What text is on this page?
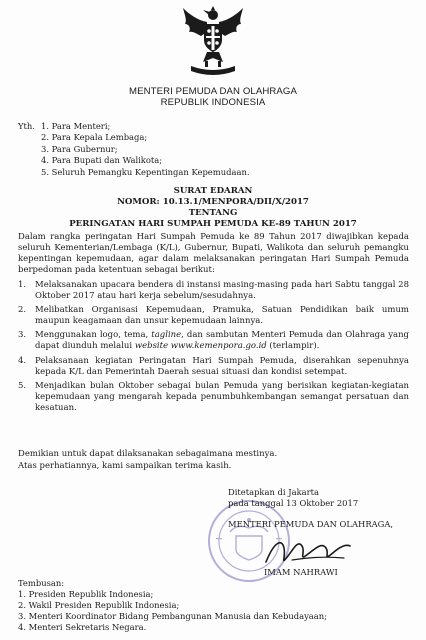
MENTERI PEMUDA DAN OLAHRAGA
REPUBLIK INDONESIA
Yth. 1. Para Menteri;
2. Para Kepala Lembaga;
3. Para Gubernur;
4. Para Bupati dan Walikota;
5. Seluruh Pemangku Kepentingan Kepemudaan.
SURAT EDARAN
NOMOR: 10.13.1/MENPORA/DII/X/2017
TENTANG
PERINGATAN HARI SUMPAH PEMUDA KE-89 TAHUN 2017

Dalam rangka peringatan Hari Sumpah Pemuda ke 89 Tahun 2017 diwajibkan kepada seluruh Kementerian/Lembaga (K/L), Gubernur, Bupati, Walikota dan seluruh pemangku kepentingan kepemudaan, agar dalam melaksanakan peringatan Hari Sumpah Pemuda berpedoman pada ketentuan sebagai berikut:

1. Melaksanakan upacara bendera di instansi masing-masing pada hari Sabtu tanggal 28 Oktober 2017 atau hari kerja sebelum/sesudahnya.
2. Melibatkan Organisasi Kepemudaan, Pramuka, Satuan Pendidikan baik umum maupun keagamaan dan unsur kepemudaan lainnya.
3. Menggunakan logo, tema, tagline, dan sambutan Menteri Pemuda dan Olahraga yang dapat diunduh melalui website www.kemenpora.go.id (terlampir).
4. Pelaksanaan kegiatan Peringatan Hari Sumpah Pemuda, diserahkan sepenuhnya kepada K/L dan Pemerintah Daerah sesuai situasi dan kondisi setempat.
5. Menjadikan bulan Oktober sebagai bulan Pemuda yang berisikan kegiatan-kegiatan kepemudaan yang mengarah kepada penumbuhkembangan semangat persatuan dan kesatuan.
Demikian untuk dapat dilaksanakan sebagaimana mestinya.
Atas perhatiannya, kami sampaikan terima kasih.
Ditetapkan di Jakarta
pada tanggal 13 Oktober 2017
MENTERI PEMUDA DAN OLAHRAGA,
IMAM NAHRAWI
Tembusan:
1. Presiden Republik Indonesia;
2. Wakil Presiden Republik Indonesia;
3. Menteri Koordinator Bidang Pembangunan Manusia dan Kebudayaan;
4. Menteri Sekretaris Negara.
